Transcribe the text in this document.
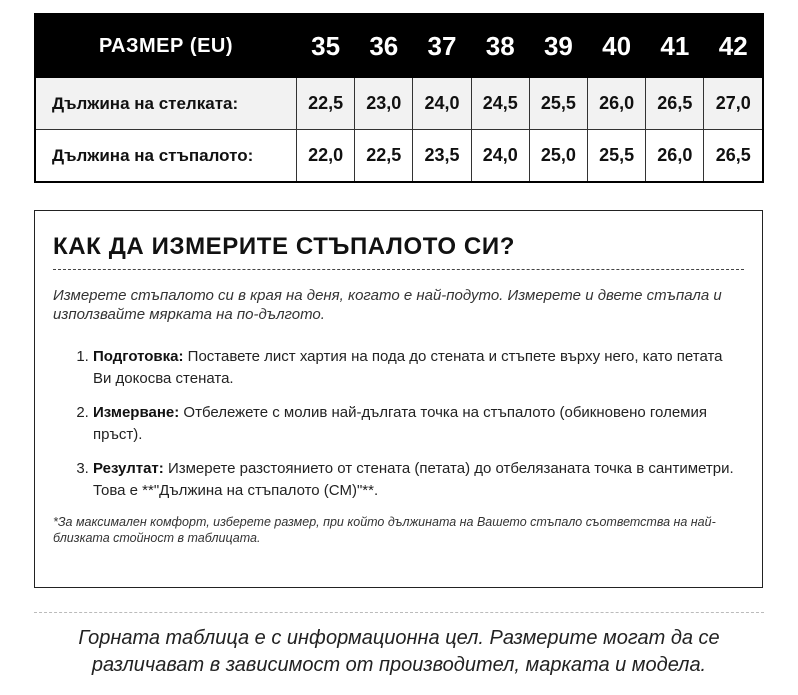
РАЗМЕР (EU)	35	36	37	38	39	40	41	42
Дължина на стелката:	22,5	23,0	24,0	24,5	25,5	26,0	26,5	27,0
Дължина на стъпалото:	22,0	22,5	23,5	24,0	25,0	25,5	26,0	26,5
КАК ДА ИЗМЕРИТЕ СТЪПАЛОТО СИ?

Измерете стъпалото си в края на деня, когато е най-подуто. Измерете и двете стъпала и използвайте мярката на по-дългото.

1. Подготовка: Поставете лист хартия на пода до стената и стъпете върху него, като петата Ви докосва стената.
2. Измерване: Отбележете с молив най-дългата точка на стъпалото (обикновено големия пръст).
3. Резултат: Измерете разстоянието от стената (петата) до отбелязаната точка в сантиметри. Това е **"Дължина на стъпалото (СМ)"**.

*За максимален комфорт, изберете размер, при който дължината на Вашето стъпало съответства на най-близката стойност в таблицата.

Горната таблица е с информационна цел. Размерите могат да се различават в зависимост от производител, марката и модела.
